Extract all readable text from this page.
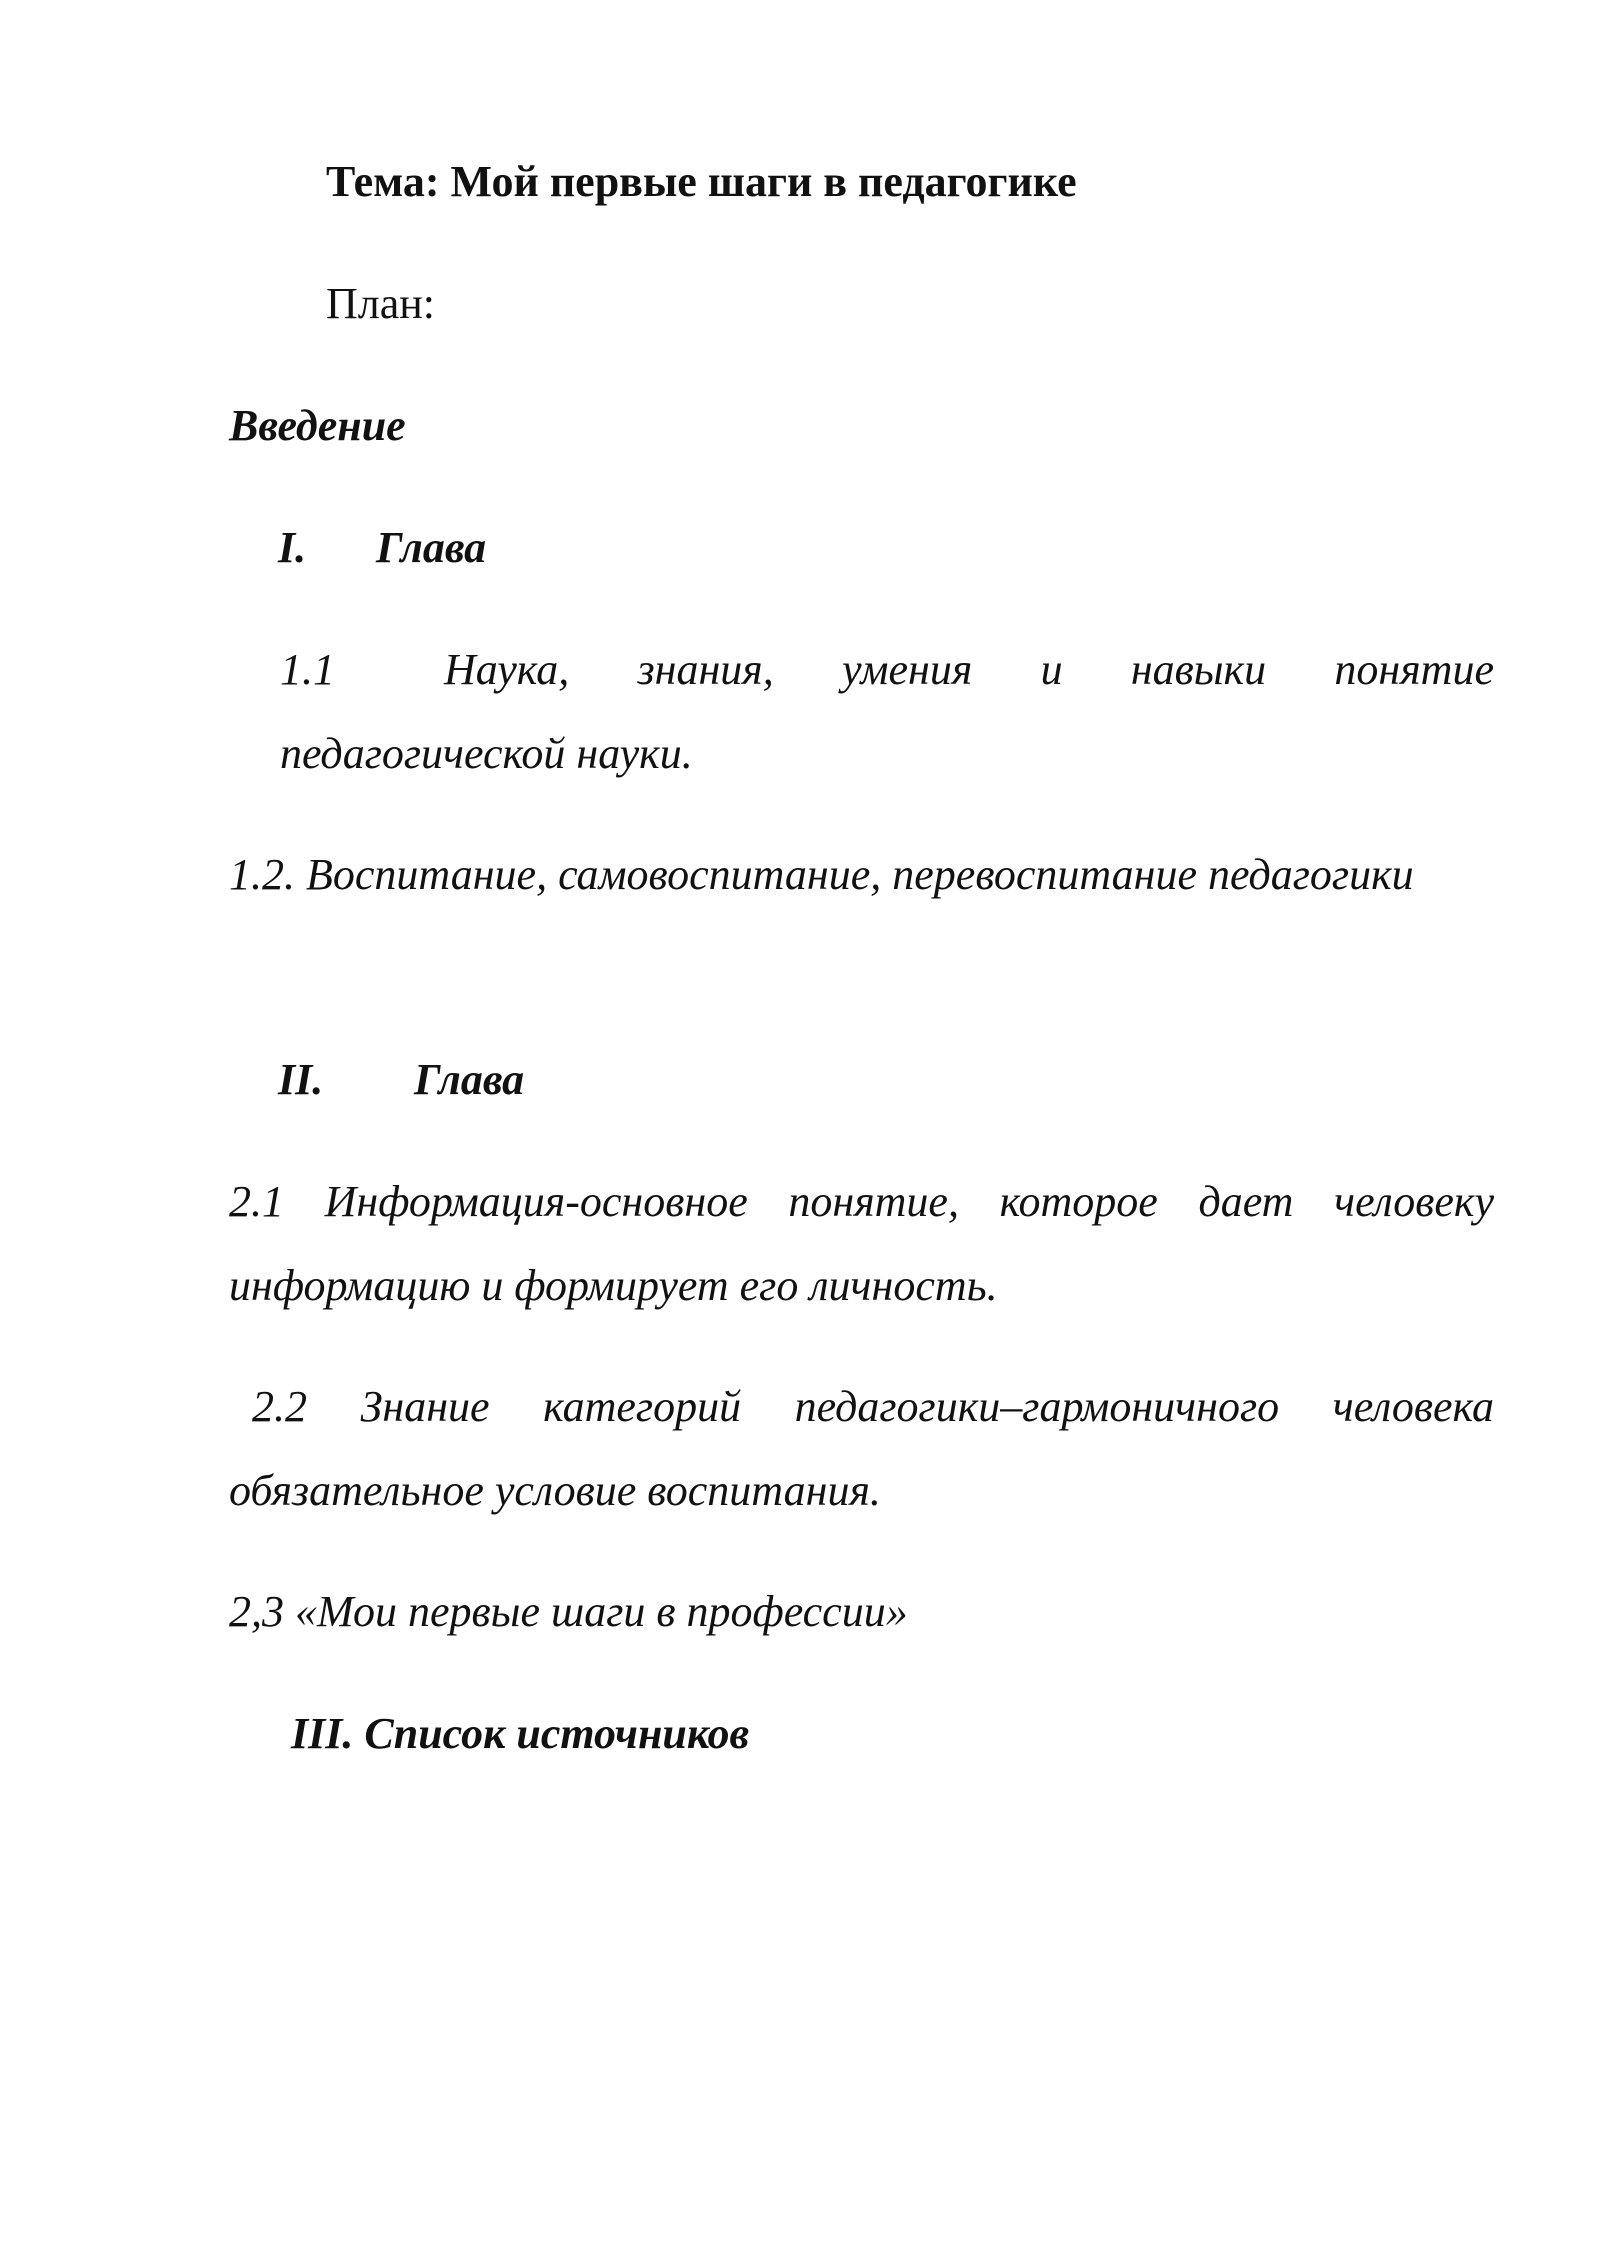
Тема: Мой первые шаги в педагогике
План:
Введение
I. Глава
1.1 Наука, знания, умения и навыки понятие педагогической науки.
1.2. Воспитание, самовоспитание, перевоспитание педагогики
II. Глава
2.1 Информация-основное понятие, которое дает человеку информацию и формирует его личность.
2.2 Знание категорий педагогики–гармоничного человека обязательное условие воспитания.
2,3 «Мои первые шаги в профессии»
III. Список источников
